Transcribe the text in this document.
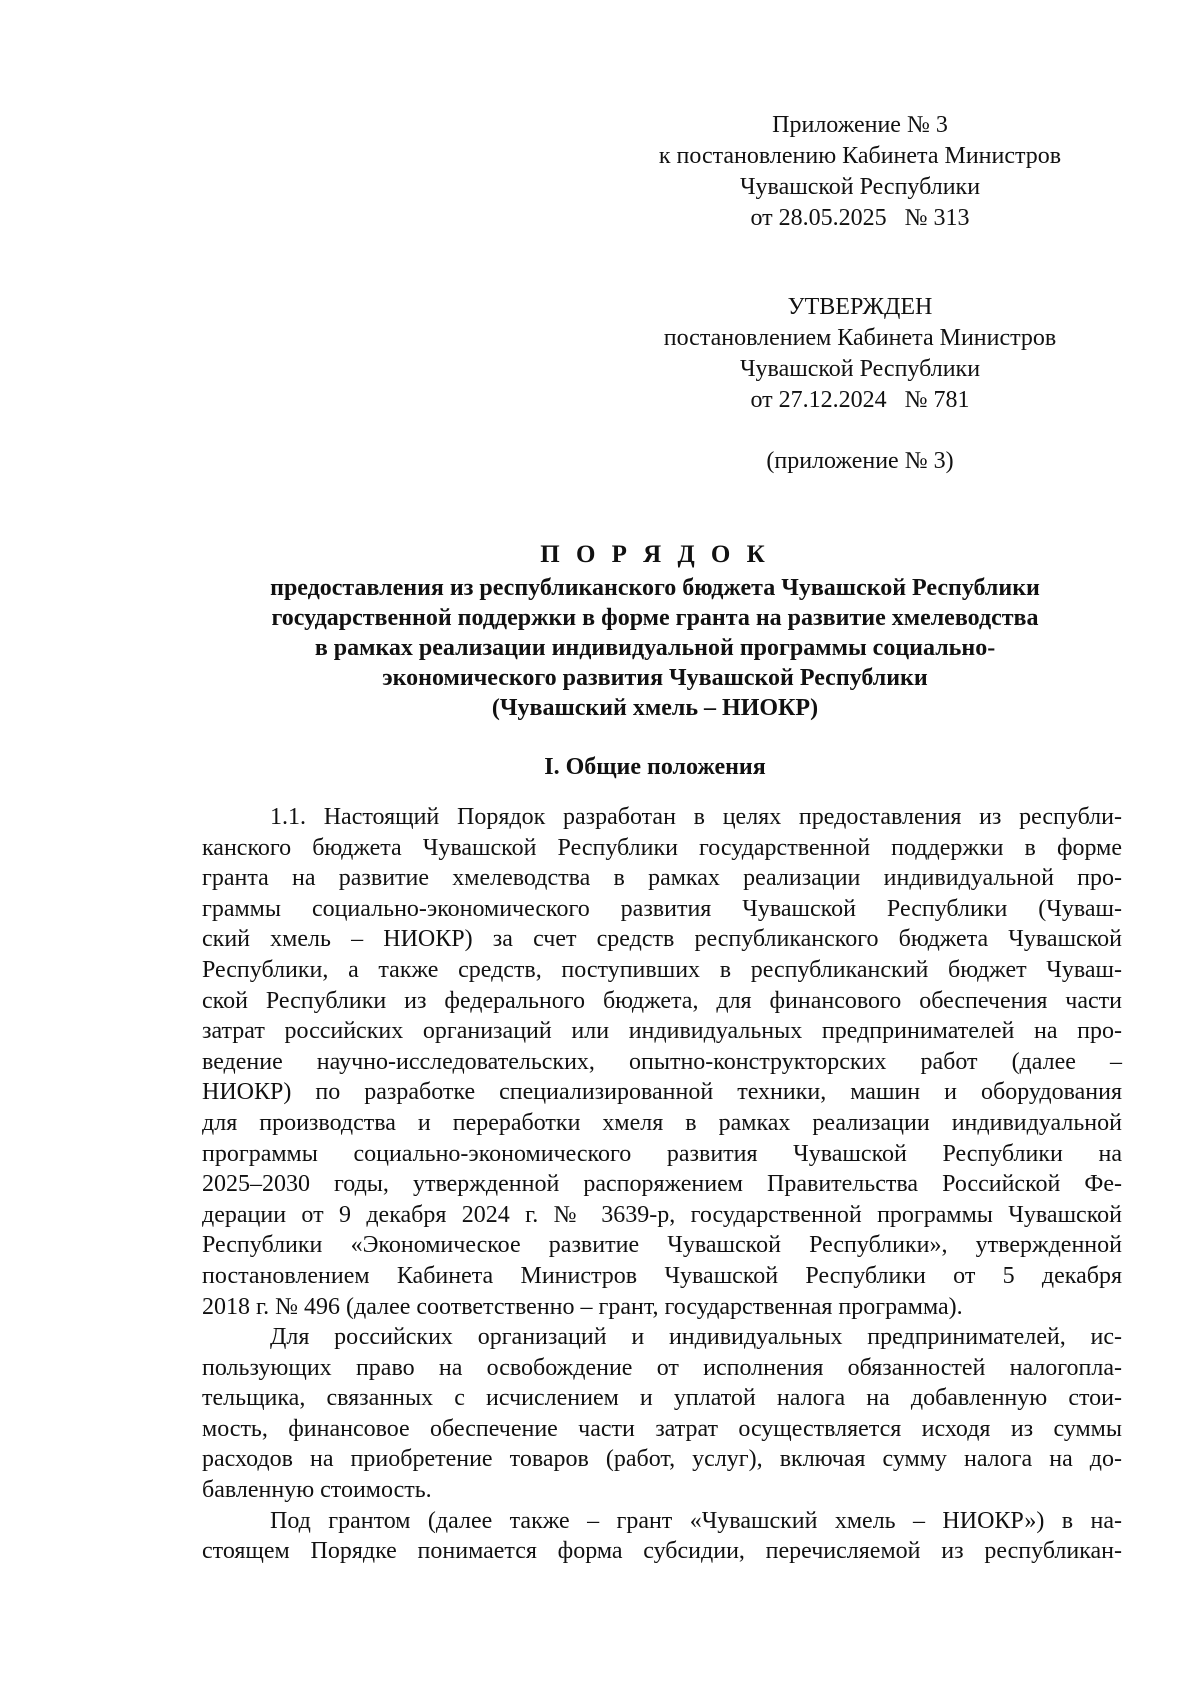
Приложение № 3
к постановлению Кабинета Министров
Чувашской Республики
от 28.05.2025   № 313
УТВЕРЖДЕН
постановлением Кабинета Министров
Чувашской Республики
от 27.12.2024   № 781
(приложение № 3)
П О Р Я Д О К
предоставления из республиканского бюджета Чувашской Республики
государственной поддержки в форме гранта на развитие хмелеводства
в рамках реализации индивидуальной программы социально-
экономического развития Чувашской Республики
(Чувашский хмель – НИОКР)
I. Общие положения

1.1. Настоящий Порядок разработан в целях предоставления из республи-

канского бюджета Чувашской Республики государственной поддержки в форме

гранта на развитие хмелеводства в рамках реализации индивидуальной про-

граммы социально-экономического развития Чувашской Республики (Чуваш-

ский хмель – НИОКР) за счет средств республиканского бюджета Чувашской

Республики, а также средств, поступивших в республиканский бюджет Чуваш-

ской Республики из федерального бюджета, для финансового обеспечения части

затрат российских организаций или индивидуальных предпринимателей на про-

ведение научно-исследовательских, опытно-конструкторских работ (далее –

НИОКР) по разработке специализированной техники, машин и оборудования

для производства и переработки хмеля в рамках реализации индивидуальной

программы социально-экономического развития Чувашской Республики на

2025–2030 годы, утвержденной распоряжением Правительства Российской Фе-

дерации от 9 декабря 2024 г. № 3639-р, государственной программы Чувашской

Республики «Экономическое развитие Чувашской Республики», утвержденной

постановлением Кабинета Министров Чувашской Республики от 5 декабря

2018 г. № 496 (далее соответственно – грант, государственная программа).

Для российских организаций и индивидуальных предпринимателей, ис-

пользующих право на освобождение от исполнения обязанностей налогопла-

тельщика, связанных с исчислением и уплатой налога на добавленную стои-

мость, финансовое обеспечение части затрат осуществляется исходя из суммы

расходов на приобретение товаров (работ, услуг), включая сумму налога на до-

бавленную стоимость.

Под грантом (далее также – грант «Чувашский хмель – НИОКР») в на-

стоящем Порядке понимается форма субсидии, перечисляемой из республикан-
